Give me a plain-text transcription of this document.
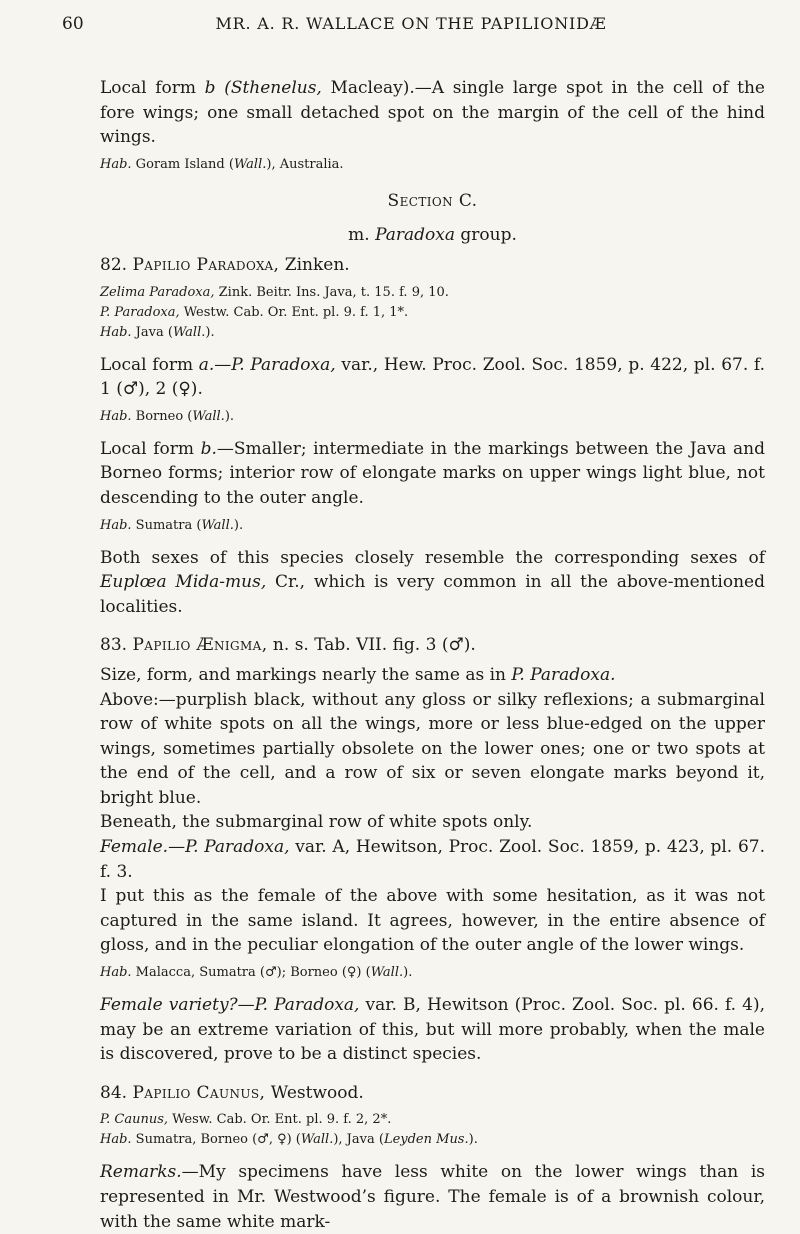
60	MR. A. R. WALLACE ON THE PAPILIONIDÆ

Local form b (Sthenelus, Macleay).—A single large spot in the cell of the fore wings; one small detached spot on the margin of the cell of the hind wings.

Hab. Goram Island (Wall.), Australia.

Section C.

m. Paradoxa group.

82. Papilio Paradoxa, Zinken.

Zelima Paradoxa, Zink. Beitr. Ins. Java, t. 15. f. 9, 10.

P. Paradoxa, Westw. Cab. Or. Ent. pl. 9. f. 1, 1*.

Hab. Java (Wall.).

Local form a.—P. Paradoxa, var., Hew. Proc. Zool. Soc. 1859, p. 422, pl. 67. f. 1 (♂), 2 (♀).

Hab. Borneo (Wall.).

Local form b.—Smaller; intermediate in the markings between the Java and Borneo forms; interior row of elongate marks on upper wings light blue, not descending to the outer angle.

Hab. Sumatra (Wall.).

Both sexes of this species closely resemble the corresponding sexes of Euplœa Mida-mus, Cr., which is very common in all the above-mentioned localities.

83. Papilio Ænigma, n. s. Tab. VII. fig. 3 (♂).

Size, form, and markings nearly the same as in P. Paradoxa.

Above:—purplish black, without any gloss or silky reflexions; a submarginal row of white spots on all the wings, more or less blue-edged on the upper wings, sometimes partially obsolete on the lower ones; one or two spots at the end of the cell, and a row of six or seven elongate marks beyond it, bright blue.

Beneath, the submarginal row of white spots only.

Female.—P. Paradoxa, var. A, Hewitson, Proc. Zool. Soc. 1859, p. 423, pl. 67. f. 3.

I put this as the female of the above with some hesitation, as it was not captured in the same island. It agrees, however, in the entire absence of gloss, and in the peculiar elongation of the outer angle of the lower wings.

Hab. Malacca, Sumatra (♂); Borneo (♀) (Wall.).

Female variety?—P. Paradoxa, var. B, Hewitson (Proc. Zool. Soc. pl. 66. f. 4), may be an extreme variation of this, but will more probably, when the male is discovered, prove to be a distinct species.

84. Papilio Caunus, Westwood.

P. Caunus, Wesw. Cab. Or. Ent. pl. 9. f. 2, 2*.

Hab. Sumatra, Borneo (♂, ♀) (Wall.), Java (Leyden Mus.).

Remarks.—My specimens have less white on the lower wings than is represented in Mr. Westwood’s figure. The female is of a brownish colour, with the same white mark-
